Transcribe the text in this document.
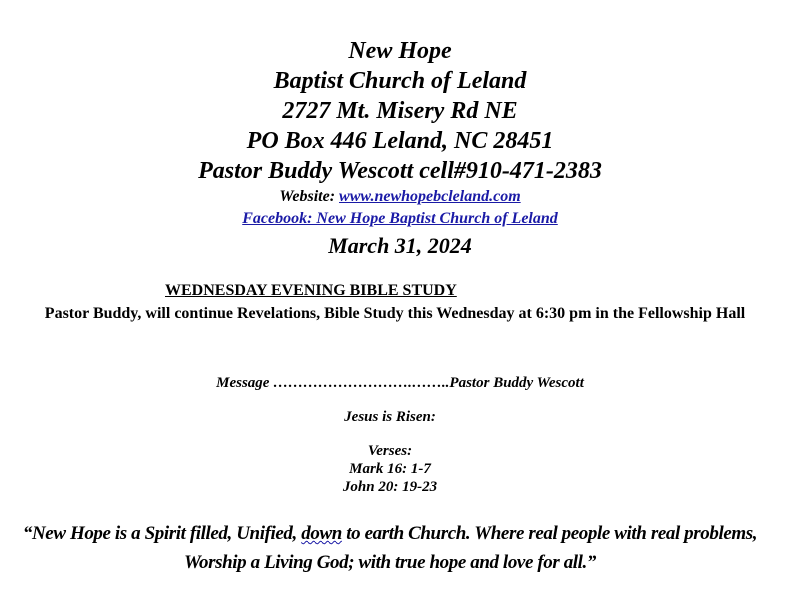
New Hope
Baptist Church of Leland
2727 Mt. Misery Rd NE
PO Box 446 Leland, NC 28451
Pastor Buddy Wescott cell#910-471-2383
Website: www.newhopebcleland.com
Facebook: New Hope Baptist Church of Leland
March 31, 2024
WEDNESDAY EVENING BIBLE STUDY
Pastor Buddy, will continue Revelations, Bible Study this Wednesday at 6:30 pm in the Fellowship Hall
Message ……………………….……..Pastor Buddy Wescott
Jesus is Risen:
Verses:
Mark 16: 1-7
John 20: 19-23
“New Hope is a Spirit filled, Unified, down to earth Church. Where real people with real problems, Worship a Living God; with true hope and love for all.”
